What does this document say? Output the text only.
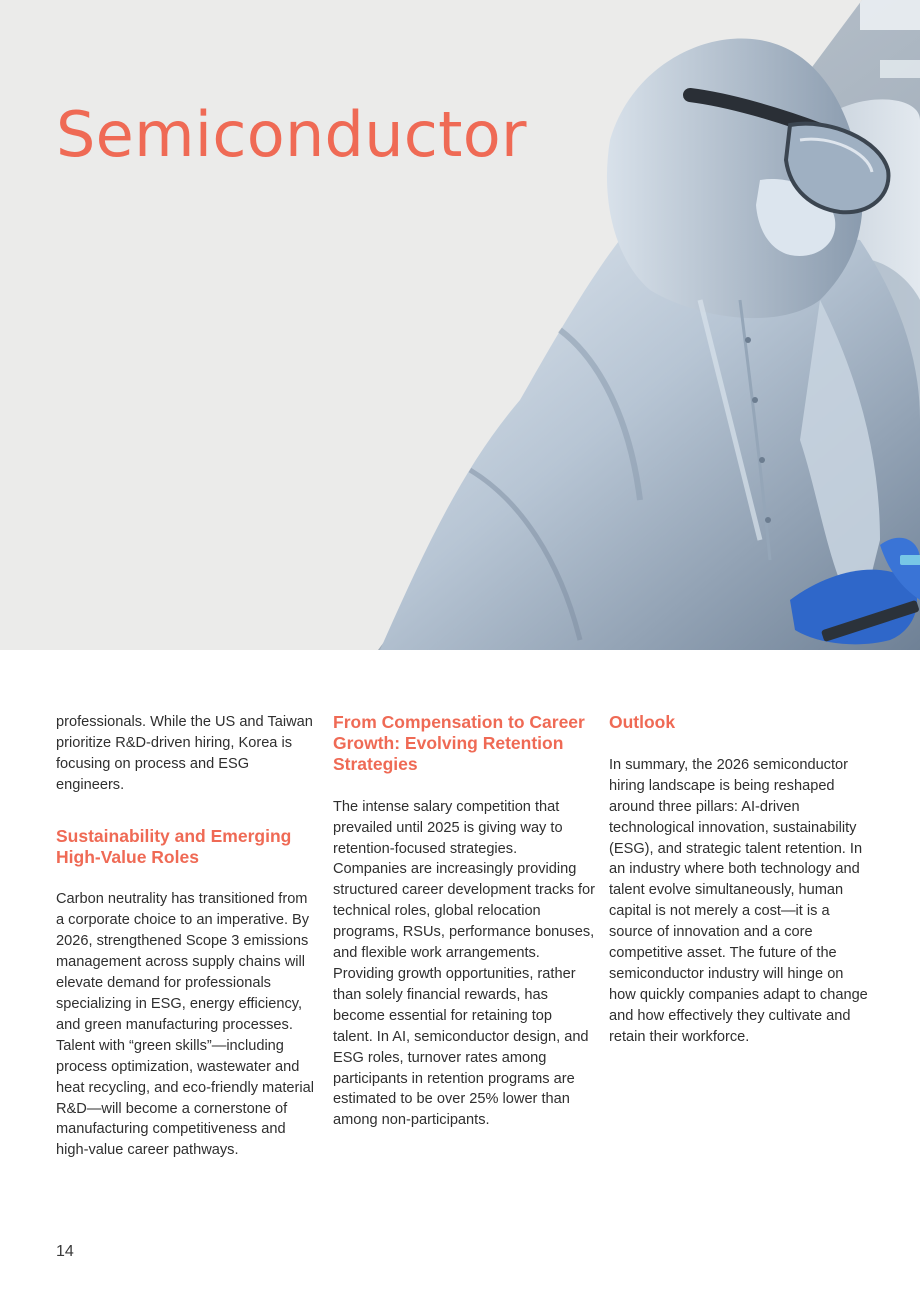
Semiconductor

professionals. While the US and Taiwan prioritize R&D-driven hiring, Korea is focusing on process and ESG engineers.

Sustainability and Emerging High-Value Roles

Carbon neutrality has transitioned from a corporate choice to an imperative. By 2026, strengthened Scope 3 emissions management across supply chains will elevate demand for professionals specializing in ESG, energy efficiency, and green manufacturing processes. Talent with “green skills”—including process optimization, wastewater and heat recycling, and eco-friendly material R&D—will become a cornerstone of manufacturing competitiveness and high-value career pathways.

From Compensation to Career Growth: Evolving Retention Strategies

The intense salary competition that prevailed until 2025 is giving way to retention-focused strategies. Companies are increasingly providing structured career development tracks for technical roles, global relocation programs, RSUs, performance bonuses, and flexible work arrangements. Providing growth opportunities, rather than solely financial rewards, has become essential for retaining top talent. In AI, semiconductor design, and ESG roles, turnover rates among participants in retention programs are estimated to be over 25% lower than among non-participants.

Outlook

In summary, the 2026 semiconductor hiring landscape is being reshaped around three pillars: AI-driven technological innovation, sustainability (ESG), and strategic talent retention. In an industry where both technology and talent evolve simultaneously, human capital is not merely a cost—it is a source of innovation and a core competitive asset. The future of the semiconductor industry will hinge on how quickly companies adapt to change and how effectively they cultivate and retain their workforce.

14
